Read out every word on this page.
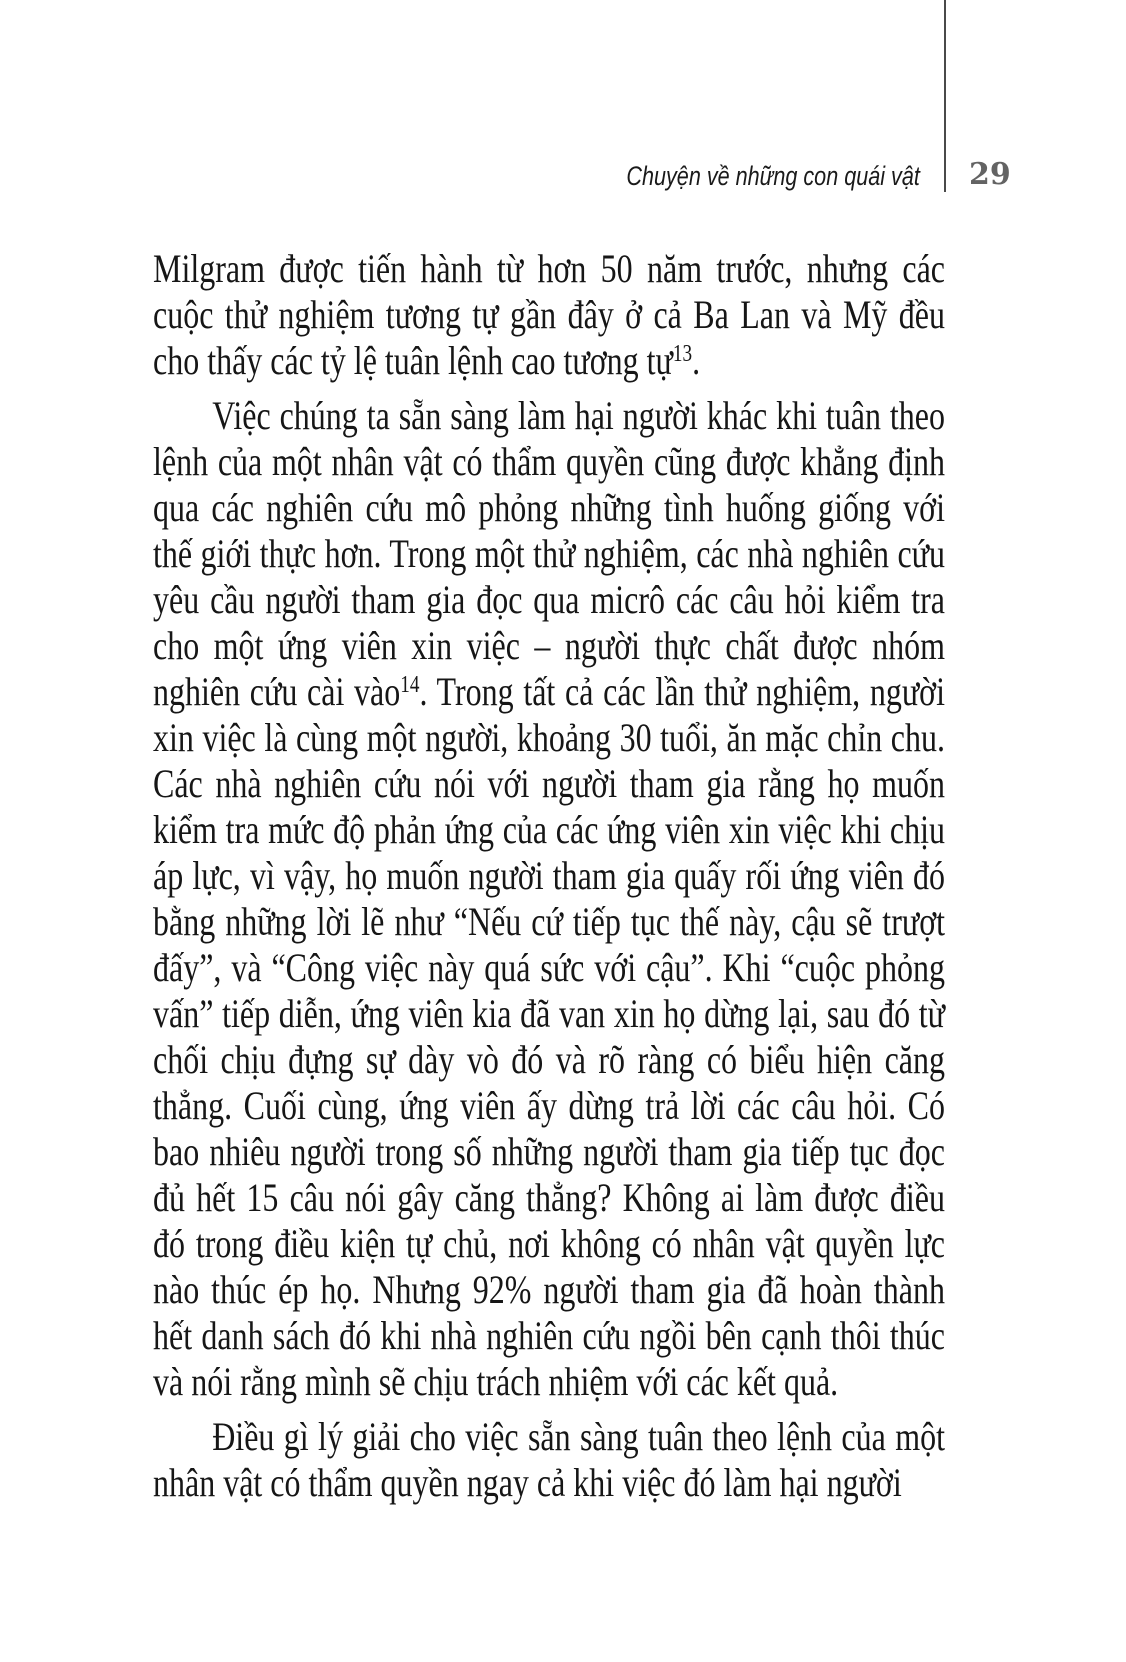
Chuyện về những con quái vật 29

Milgram được tiến hành từ hơn 50 năm trước, nhưng các cuộc thử nghiệm tương tự gần đây ở cả Ba Lan và Mỹ đều cho thấy các tỷ lệ tuân lệnh cao tương tự$^{13}$.

Việc chúng ta sẵn sàng làm hại người khác khi tuân theo lệnh của một nhân vật có thẩm quyền cũng được khẳng định qua các nghiên cứu mô phỏng những tình huống giống với thế giới thực hơn. Trong một thử nghiệm, các nhà nghiên cứu yêu cầu người tham gia đọc qua micrô các câu hỏi kiểm tra cho một ứng viên xin việc – người thực chất được nhóm nghiên cứu cài vào$^{14}$. Trong tất cả các lần thử nghiệm, người xin việc là cùng một người, khoảng 30 tuổi, ăn mặc chỉn chu. Các nhà nghiên cứu nói với người tham gia rằng họ muốn kiểm tra mức độ phản ứng của các ứng viên xin việc khi chịu áp lực, vì vậy, họ muốn người tham gia quấy rối ứng viên đó bằng những lời lẽ như “Nếu cứ tiếp tục thế này, cậu sẽ trượt đấy”, và “Công việc này quá sức với cậu”. Khi “cuộc phỏng vấn” tiếp diễn, ứng viên kia đã van xin họ dừng lại, sau đó từ chối chịu đựng sự dày vò đó và rõ ràng có biểu hiện căng thẳng. Cuối cùng, ứng viên ấy dừng trả lời các câu hỏi. Có bao nhiêu người trong số những người tham gia tiếp tục đọc đủ hết 15 câu nói gây căng thẳng? Không ai làm được điều đó trong điều kiện tự chủ, nơi không có nhân vật quyền lực nào thúc ép họ. Nhưng 92% người tham gia đã hoàn thành hết danh sách đó khi nhà nghiên cứu ngồi bên cạnh thôi thúc và nói rằng mình sẽ chịu trách nhiệm với các kết quả.

Điều gì lý giải cho việc sẵn sàng tuân theo lệnh của một nhân vật có thẩm quyền ngay cả khi việc đó làm hại người
